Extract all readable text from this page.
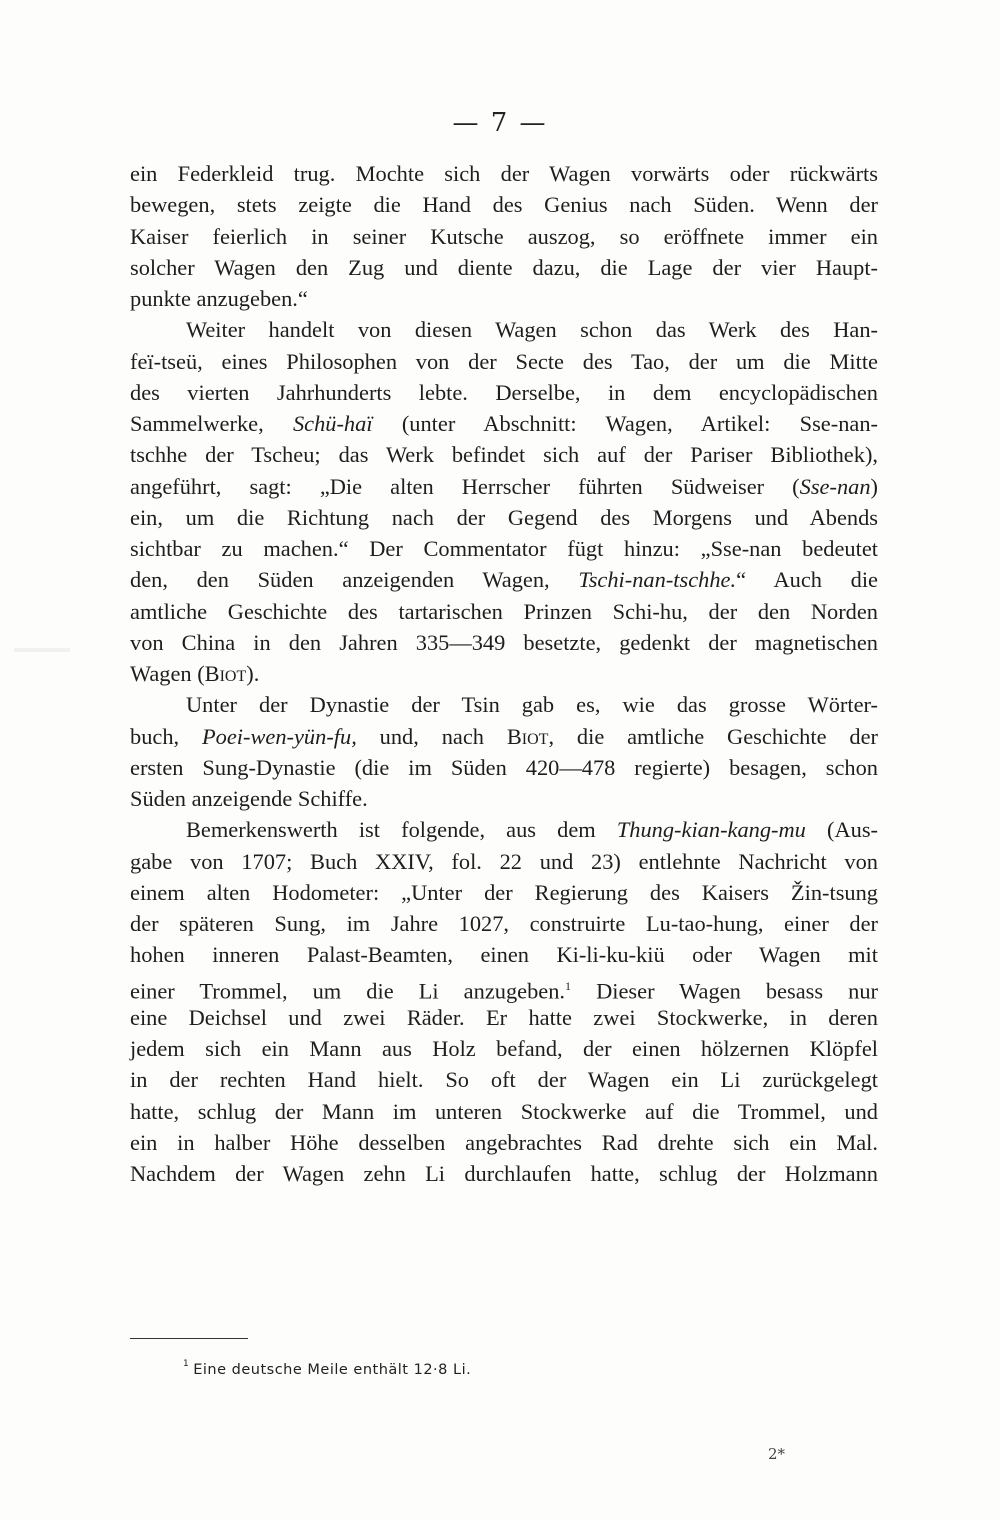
— 7 —
ein Federkleid trug. Mochte sich der Wagen vorwärts oder rückwärts
bewegen, stets zeigte die Hand des Genius nach Süden. Wenn der
Kaiser feierlich in seiner Kutsche auszog, so eröffnete immer ein
solcher Wagen den Zug und diente dazu, die Lage der vier Haupt-
punkte anzugeben.“
Weiter handelt von diesen Wagen schon das Werk des Han-
feï-tseü, eines Philosophen von der Secte des Tao, der um die Mitte
des vierten Jahrhunderts lebte. Derselbe, in dem encyclopädischen
Sammelwerke, Schü-haï (unter Abschnitt: Wagen, Artikel: Sse-nan-
tschhe der Tscheu; das Werk befindet sich auf der Pariser Bibliothek),
angeführt, sagt: „Die alten Herrscher führten Südweiser (Sse-nan)
ein, um die Richtung nach der Gegend des Morgens und Abends
sichtbar zu machen.“ Der Commentator fügt hinzu: „Sse-nan bedeutet
den, den Süden anzeigenden Wagen, Tschi-nan-tschhe.“ Auch die
amtliche Geschichte des tartarischen Prinzen Schi-hu, der den Norden
von China in den Jahren 335—349 besetzte, gedenkt der magnetischen
Wagen (Biot).
Unter der Dynastie der Tsin gab es, wie das grosse Wörter-
buch, Poei-wen-yün-fu, und, nach Biot, die amtliche Geschichte der
ersten Sung-Dynastie (die im Süden 420—478 regierte) besagen, schon
Süden anzeigende Schiffe.
Bemerkenswerth ist folgende, aus dem Thung-kian-kang-mu (Aus-
gabe von 1707; Buch XXIV, fol. 22 und 23) entlehnte Nachricht von
einem alten Hodometer: „Unter der Regierung des Kaisers Žin-tsung
der späteren Sung, im Jahre 1027, construirte Lu-tao-hung, einer der
hohen inneren Palast-Beamten, einen Ki-li-ku-kiü oder Wagen mit
einer Trommel, um die Li anzugeben.$^1$ Dieser Wagen besass nur
eine Deichsel und zwei Räder. Er hatte zwei Stockwerke, in deren
jedem sich ein Mann aus Holz befand, der einen hölzernen Klöpfel
in der rechten Hand hielt. So oft der Wagen ein Li zurückgelegt
hatte, schlug der Mann im unteren Stockwerke auf die Trommel, und
ein in halber Höhe desselben angebrachtes Rad drehte sich ein Mal.
Nachdem der Wagen zehn Li durchlaufen hatte, schlug der Holzmann
$^1$ Eine deutsche Meile enthält 12·8 Li.
2*
